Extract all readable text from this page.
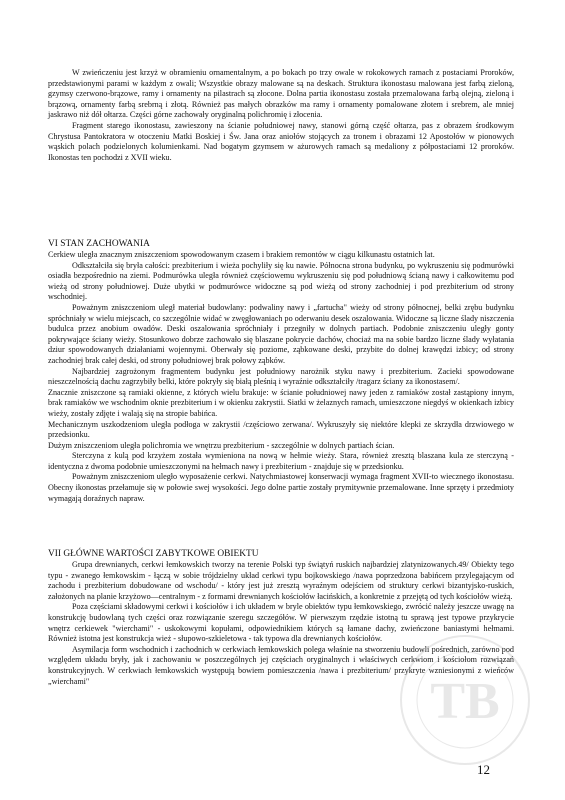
W zwieńczeniu jest krzyż w obramieniu ornamentalnym, a po bokach po trzy owale w rokokowych ramach z postaciami Proroków, przedstawionymi parami w każdym z owali; Wszystkie obrazy malowane są na deskach. Struktura ikonostasu malowana jest farbą zieloną, gzymsy czerwono-brązowe, ramy i ornamenty na pilastrach są złocone. Dolna partia ikonostasu została przemalowana farbą olejną, zieloną i brązową, ornamenty farbą srebrną i złotą. Również pas małych obrazków ma ramy i ornamenty pomalowane złotem i srebrem, ale mniej jaskrawo niż dół ołtarza. Części górne zachowały oryginalną polichromię i złocenia.

Fragment starego ikonostasu, zawieszony na ścianie południowej nawy, stanowi górną część ołtarza, pas z obrazem środkowym Chrystusa Pantokratora w otoczeniu Matki Boskiej i Św. Jana oraz aniołów stojących za tronem i obrazami 12 Apostołów w pionowych wąskich polach podzielonych kolumienkami. Nad bogatym gzymsem w ażurowych ramach są medaliony z półpostaciami 12 proroków. Ikonostas ten pochodzi z XVII wieku.

VI STAN ZACHOWANIA

Cerkiew uległa znacznym zniszczeniom spowodowanym czasem i brakiem remontów w ciągu kilkunastu ostatnich lat.

Odkształciła się bryła całości: prezbiterium i wieża pochyliły się ku nawie. Północna strona budynku, po wykruszeniu się podmurówki osiadła bezpośrednio na ziemi. Podmurówka uległa również częściowemu wykruszeniu się pod południową ścianą nawy i całkowitemu pod wieżą od strony południowej. Duże ubytki w podmurówce widoczne są pod wieżą od strony zachodniej i pod prezbiterium od strony wschodniej.

Poważnym zniszczeniom uległ materiał budowlany: podwaliny nawy i „fartucha" wieży od strony północnej, belki zrębu budynku spróchniały w wielu miejscach, co szczególnie widać w zwęgłowaniach po oderwaniu desek oszalowania. Widoczne są liczne ślady niszczenia budulca przez anobium owadów. Deski oszalowania spróchniały i przegniły w dolnych partiach. Podobnie zniszczeniu uległy gonty pokrywające ściany wieży. Stosunkowo dobrze zachowało się blaszane pokrycie dachów, chociaż ma na sobie bardzo liczne ślady wyłatania dziur spowodowanych działaniami wojennymi. Oberwały się poziome, ząbkowane deski, przybite do dolnej krawędzi izbicy; od strony zachodniej brak całej deski, od strony południowej brak połowy ząbków.

Najbardziej zagrożonym fragmentem budynku jest południowy narożnik styku nawy i prezbiterium. Zacieki spowodowane nieszczelnością dachu zagrzybiły belki, które pokryły się białą pleśnią i wyraźnie odkształciły /tragarz ściany za ikonostasem/.

Znacznie zniszczone są ramiaki okienne, z których wielu brakuje: w ścianie południowej nawy jeden z ramiaków został zastąpiony innym, brak ramiaków we wschodnim oknie prezbiterium i w okienku zakrystii. Siatki w żelaznych ramach, umieszczone niegdyś w okienkach izbicy wieży, zostały zdjęte i walają się na stropie babińca.

Mechanicznym uszkodzeniom uległa podłoga w zakrystii /częściowo zerwana/. Wykruszyły się niektóre klepki ze skrzydła drzwiowego w przedsionku.

Dużym zniszczeniom uległa polichromia we wnętrzu prezbiterium - szczególnie w dolnych partiach ścian.

Sterczyna z kulą pod krzyżem została wymieniona na nową w hełmie wieży. Stara, również zresztą blaszana kula ze sterczyną - identyczna z dwoma podobnie umieszczonymi na hełmach nawy i prezbiterium - znajduje się w przedsionku.

Poważnym zniszczeniom uległo wyposażenie cerkwi. Natychmiastowej konserwacji wymaga fragment XVII-to wiecznego ikonostasu. Obecny ikonostas przełamuje się w połowie swej wysokości. Jego dolne partie zostały prymitywnie przemalowane. Inne sprzęty i przedmioty wymagają doraźnych napraw.

VII GŁÓWNE WARTOŚCI ZABYTKOWE OBIEKTU

Grupa drewnianych, cerkwi łemkowskich tworzy na terenie Polski typ świątyń ruskich najbardziej zlatynizowanych.49/ Obiekty tego typu - zwanego łemkowskim - łączą w sobie trójdzielny układ cerkwi typu bojkowskiego /nawa poprzedzona babińcem przylegającym od zachodu i prezbiterium dobudowane od wschodu/ - który jest już zresztą wyraźnym odejściem od struktury cerkwi bizantyjsko-ruskich, założonych na planie krzyżowo—centralnym - z formami drewnianych kościołów łacińskich, a konkretnie z przejętą od tych kościołów wieżą.

Poza częściami składowymi cerkwi i kościołów i ich układem w bryle obiektów typu łemkowskiego, zwrócić należy jeszcze uwagę na konstrukcję budowlaną tych części oraz rozwiązanie szeregu szczegółów. W pierwszym rzędzie istotną tu sprawą jest typowe przykrycie wnętrz cerkiewek "wierchami" - uskokowymi kopułami, odpowiednikiem których są łamane dachy, zwieńczone baniastymi hełmami. Również istotna jest konstrukcja wież - słupowo-szkieletowa - tak typowa dla drewnianych kościołów.

Asymilacja form wschodnich i zachodnich w cerkwiach łemkowskich polega właśnie na stworzeniu budowli pośrednich, zarówno pod względem układu bryły, jak i zachowaniu w poszczególnych jej częściach oryginalnych i właściwych cerkwiom i kościołom rozwiązań konstrukcyjnych. W cerkwiach łemkowskich występują bowiem pomieszczenia /nawa i prezbiterium/ przykryte wzniesionymi z wieńców „wierchami"	TB
12
